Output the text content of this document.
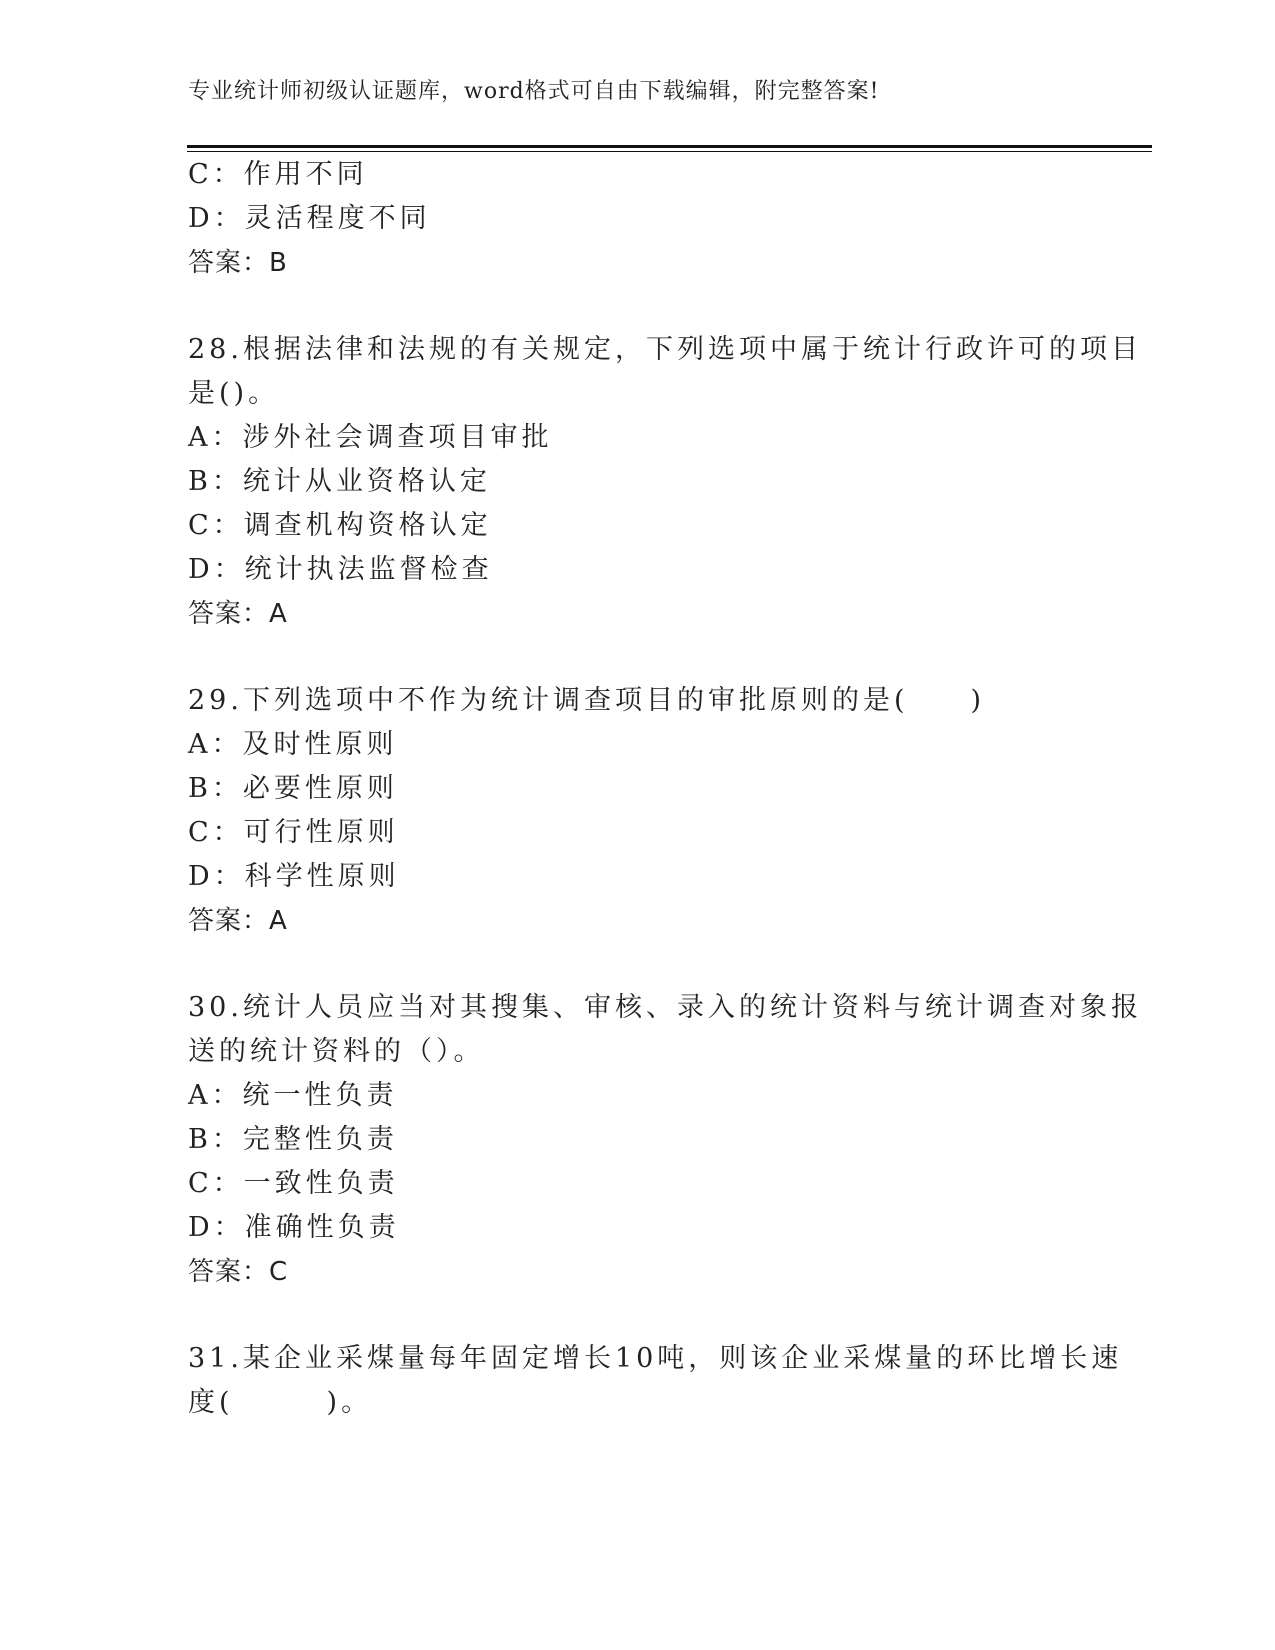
专业统计师初级认证题库，word格式可自由下载编辑，附完整答案!
C：作用不同
D：灵活程度不同
答案：B
28.根据法律和法规的有关规定，下列选项中属于统计行政许可的项目
是()。
A：涉外社会调查项目审批
B：统计从业资格认定
C：调查机构资格认定
D：统计执法监督检查
答案：A
29.下列选项中不作为统计调查项目的审批原则的是(　　)
A：及时性原则
B：必要性原则
C：可行性原则
D：科学性原则
答案：A
30.统计人员应当对其搜集、审核、录入的统计资料与统计调查对象报
送的统计资料的（）。
A：统一性负责
B：完整性负责
C：一致性负责
D：准确性负责
答案：C
31.某企业采煤量每年固定增长10吨，则该企业采煤量的环比增长速
度(　　　)。
